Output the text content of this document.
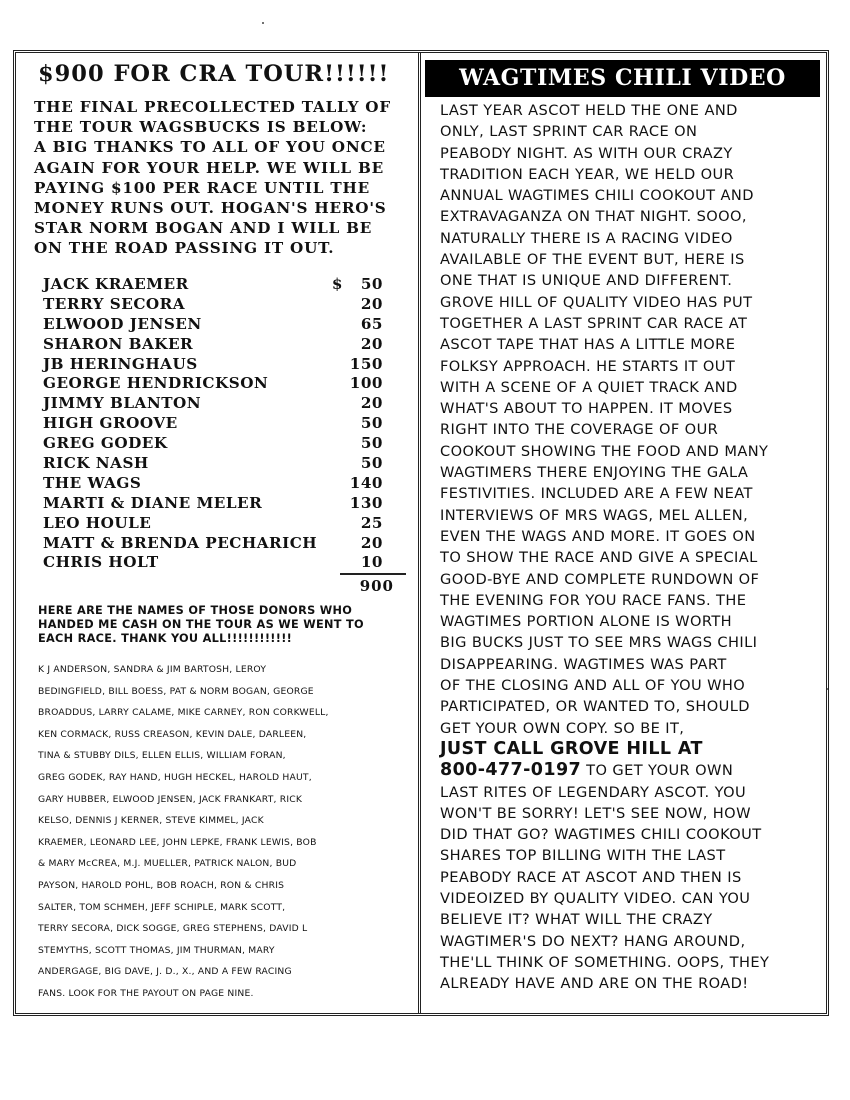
$900 FOR CRA TOUR!!!!!!
THE FINAL PRECOLLECTED TALLY OF
THE TOUR WAGSBUCKS IS BELOW:
A BIG THANKS TO ALL OF YOU ONCE
AGAIN FOR YOUR HELP. WE WILL BE
PAYING $100 PER RACE UNTIL THE
MONEY RUNS OUT. HOGAN'S HERO'S
STAR NORM BOGAN AND I WILL BE
ON THE ROAD PASSING IT OUT.
JACK KRAEMER	$ 50
TERRY SECORA	20
ELWOOD JENSEN	65
SHARON BAKER	20
JB HERINGHAUS	150
GEORGE HENDRICKSON	100
JIMMY BLANTON	20
HIGH GROOVE	50
GREG GODEK	50
RICK NASH	50
THE WAGS	140
MARTI & DIANE MELER	130
LEO HOULE	25
MATT & BRENDA PECHARICH	20
CHRIS HOLT	10
900
HERE ARE THE NAMES OF THOSE DONORS WHO
HANDED ME CASH ON THE TOUR AS WE WENT TO
EACH RACE. THANK YOU ALL!!!!!!!!!!!!
K J ANDERSON, SANDRA & JIM BARTOSH, LEROY
BEDINGFIELD, BILL BOESS, PAT & NORM BOGAN, GEORGE
BROADDUS, LARRY CALAME, MIKE CARNEY, RON CORKWELL,
KEN CORMACK, RUSS CREASON, KEVIN DALE, DARLEEN,
TINA & STUBBY DILS, ELLEN ELLIS, WILLIAM FORAN,
GREG GODEK, RAY HAND, HUGH HECKEL, HAROLD HAUT,
GARY HUBBER, ELWOOD JENSEN, JACK FRANKART, RICK
KELSO, DENNIS J KERNER, STEVE KIMMEL, JACK
KRAEMER, LEONARD LEE, JOHN LEPKE, FRANK LEWIS, BOB
& MARY McCREA, M.J. MUELLER, PATRICK NALON, BUD
PAYSON, HAROLD POHL, BOB ROACH, RON & CHRIS
SALTER, TOM SCHMEH, JEFF SCHIPLE, MARK SCOTT,
TERRY SECORA, DICK SOGGE, GREG STEPHENS, DAVID L
STEMYTHS, SCOTT THOMAS, JIM THURMAN, MARY
ANDERGAGE, BIG DAVE, J. D., X., AND A FEW RACING
FANS. LOOK FOR THE PAYOUT ON PAGE NINE.
WAGTIMES CHILI VIDEO
LAST YEAR ASCOT HELD THE ONE AND
ONLY, LAST SPRINT CAR RACE ON
PEABODY NIGHT. AS WITH OUR CRAZY
TRADITION EACH YEAR, WE HELD OUR
ANNUAL WAGTIMES CHILI COOKOUT AND
EXTRAVAGANZA ON THAT NIGHT. SOOO,
NATURALLY THERE IS A RACING VIDEO
AVAILABLE OF THE EVENT BUT, HERE IS
ONE THAT IS UNIQUE AND DIFFERENT.
GROVE HILL OF QUALITY VIDEO HAS PUT
TOGETHER A LAST SPRINT CAR RACE AT
ASCOT TAPE THAT HAS A LITTLE MORE
FOLKSY APPROACH. HE STARTS IT OUT
WITH A SCENE OF A QUIET TRACK AND
WHAT'S ABOUT TO HAPPEN. IT MOVES
RIGHT INTO THE COVERAGE OF OUR
COOKOUT SHOWING THE FOOD AND MANY
WAGTIMERS THERE ENJOYING THE GALA
FESTIVITIES. INCLUDED ARE A FEW NEAT
INTERVIEWS OF MRS WAGS, MEL ALLEN,
EVEN THE WAGS AND MORE. IT GOES ON
TO SHOW THE RACE AND GIVE A SPECIAL
GOOD-BYE AND COMPLETE RUNDOWN OF
THE EVENING FOR YOU RACE FANS. THE
WAGTIMES PORTION ALONE IS WORTH
BIG BUCKS JUST TO SEE MRS WAGS CHILI
DISAPPEARING. WAGTIMES WAS PART
OF THE CLOSING AND ALL OF YOU WHO
PARTICIPATED, OR WANTED TO, SHOULD
GET YOUR OWN COPY. SO BE IT,
JUST CALL GROVE HILL AT
800-477-0197 TO GET YOUR OWN
LAST RITES OF LEGENDARY ASCOT. YOU
WON'T BE SORRY! LET'S SEE NOW, HOW
DID THAT GO? WAGTIMES CHILI COOKOUT
SHARES TOP BILLING WITH THE LAST
PEABODY RACE AT ASCOT AND THEN IS
VIDEOIZED BY QUALITY VIDEO. CAN YOU
BELIEVE IT? WHAT WILL THE CRAZY
WAGTIMER'S DO NEXT? HANG AROUND,
THE'LL THINK OF SOMETHING. OOPS, THEY
ALREADY HAVE AND ARE ON THE ROAD!
